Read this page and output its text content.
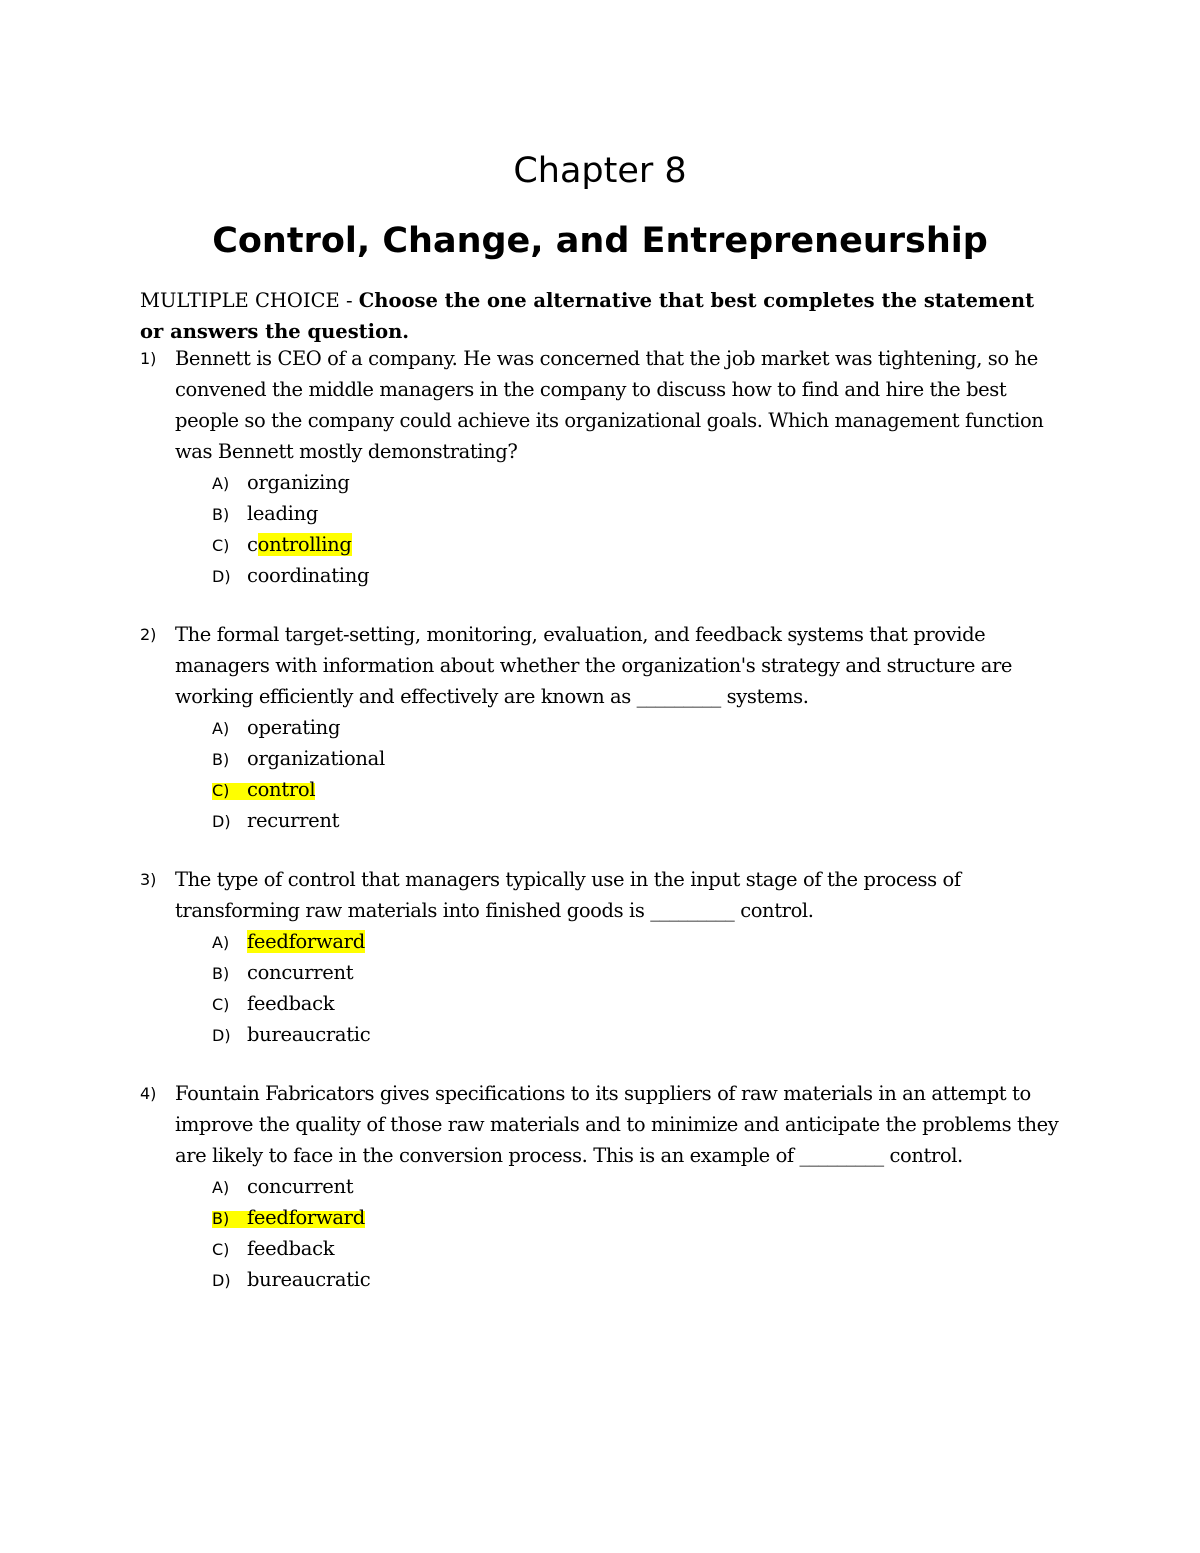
Chapter 8
Control, Change, and Entrepreneurship

MULTIPLE CHOICE - Choose the one alternative that best completes the statement or answers the question.

1) Bennett is CEO of a company. He was concerned that the job market was tightening, so he convened the middle managers in the company to discuss how to find and hire the best people so the company could achieve its organizational goals. Which management function was Bennett mostly demonstrating?
A) organizing
B) leading
C) controlling
D) coordinating
2) The formal target-setting, monitoring, evaluation, and feedback systems that provide managers with information about whether the organization's strategy and structure are working efficiently and effectively are known as _________ systems.
A) operating
B) organizational
C) control
D) recurrent
3) The type of control that managers typically use in the input stage of the process of transforming raw materials into finished goods is _________ control.
A) feedforward
B) concurrent
C) feedback
D) bureaucratic
4) Fountain Fabricators gives specifications to its suppliers of raw materials in an attempt to improve the quality of those raw materials and to minimize and anticipate the problems they are likely to face in the conversion process. This is an example of _________ control.
A) concurrent
B) feedforward
C) feedback
D) bureaucratic
